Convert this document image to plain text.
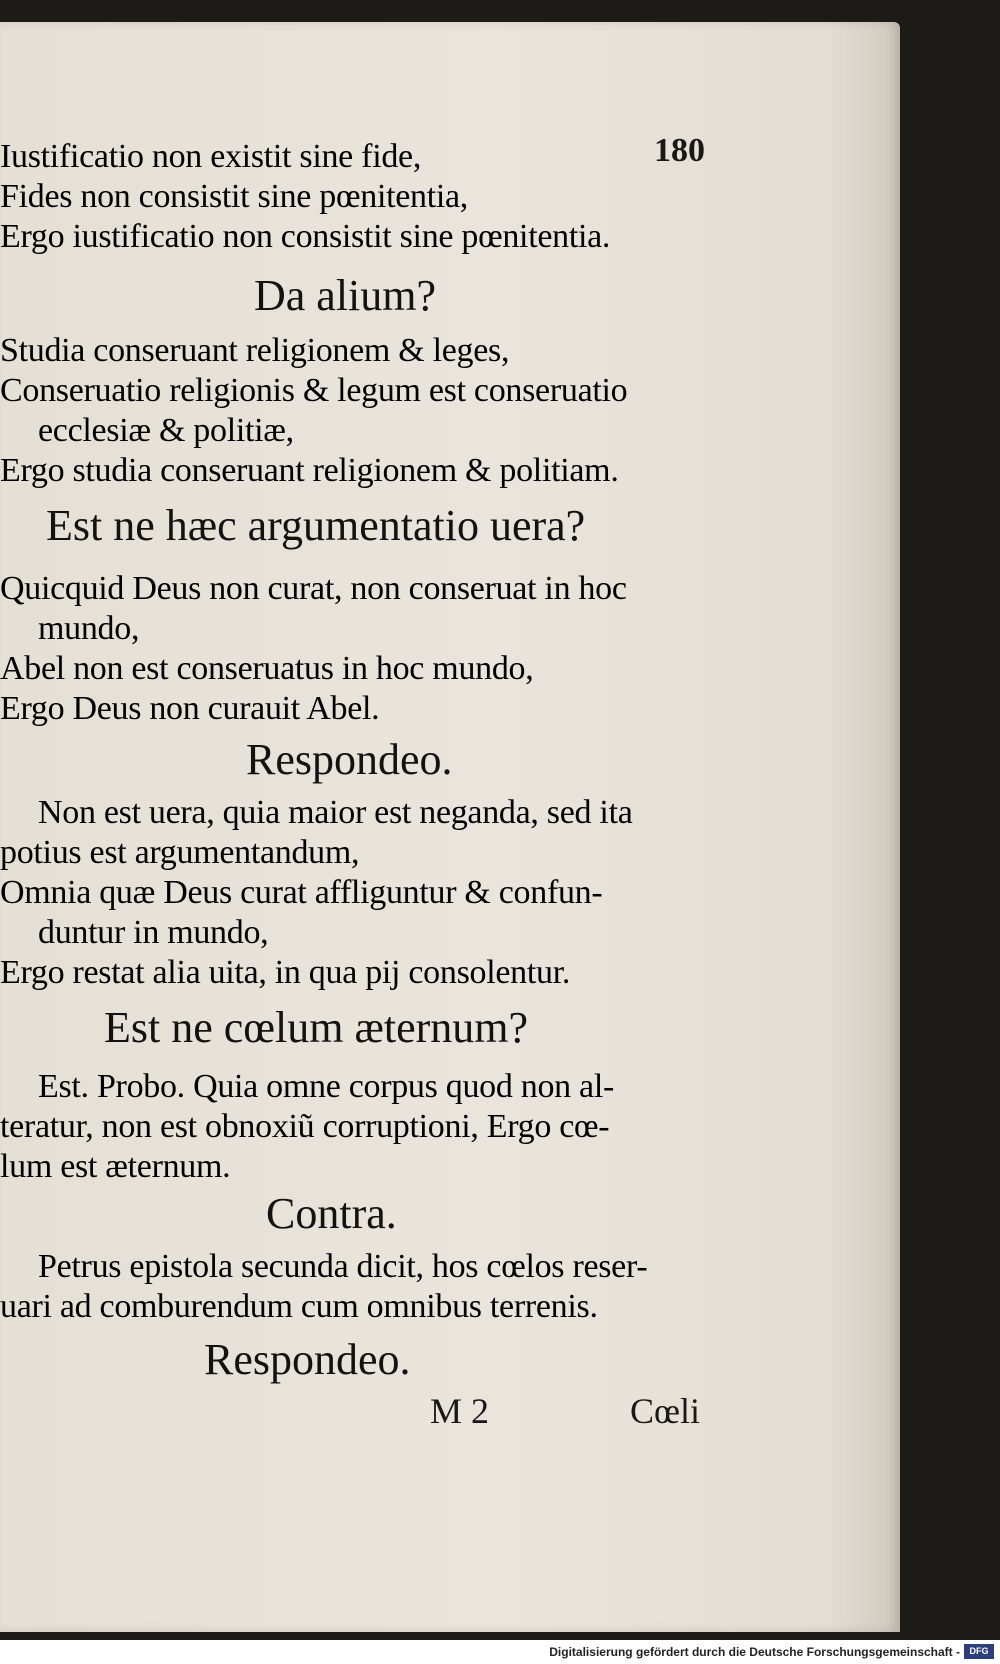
180
Iustificatio non existit sine fide,
Fides non consistit sine pœnitentia,
Ergo iustificatio non consistit sine pœnitentia.
Da alium?
Studia conseruant religionem & leges,
Conseruatio religionis & legum est conseruatio
ecclesiæ & politiæ,
Ergo studia conseruant religionem & politiam.
Est ne hæc argumentatio uera?
Quicquid Deus non curat, non conseruat in hoc
mundo,
Abel non est conseruatus in hoc mundo,
Ergo Deus non curauit Abel.
Respondeo.
Non est uera, quia maior est neganda, sed ita
potius est argumentandum,
Omnia quæ Deus curat affliguntur & confun-
duntur in mundo,
Ergo restat alia uita, in qua pij consolentur.
Est ne cœlum æternum?
Est. Probo. Quia omne corpus quod non al-
teratur, non est obnoxiũ corruptioni, Ergo cœ-
lum est æternum.
Contra.
Petrus epistola secunda dicit, hos cœlos reser-
uari ad comburendum cum omnibus terrenis.
Respondeo.
M 2	Cœli
Digitalisierung gefördert durch die Deutsche Forschungsgemeinschaft -	DFG
